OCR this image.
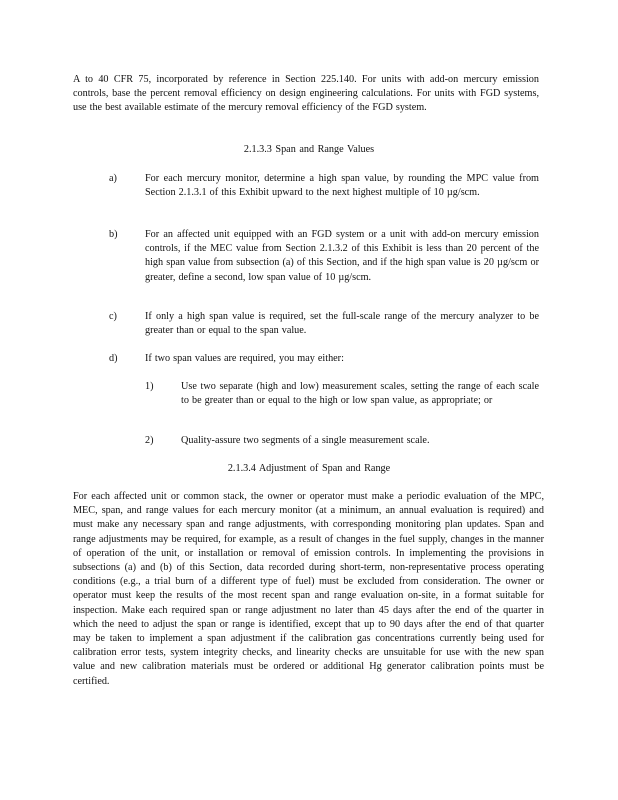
A to 40 CFR 75, incorporated by reference in Section 225.140. For units with add-on mercury emission controls, base the percent removal efficiency on design engineering calculations. For units with FGD systems, use the best available estimate of the mercury removal efficiency of the FGD system.

2.1.3.3 Span and Range Values

a)	For each mercury monitor, determine a high span value, by rounding the MPC value from Section 2.1.3.1 of this Exhibit upward to the next highest multiple of 10 µg/scm.
b)	For an affected unit equipped with an FGD system or a unit with add-on mercury emission controls, if the MEC value from Section 2.1.3.2 of this Exhibit is less than 20 percent of the high span value from subsection (a) of this Section, and if the high span value is 20 µg/scm or greater, define a second, low span value of 10 µg/scm.
c)	If only a high span value is required, set the full-scale range of the mercury analyzer to be greater than or equal to the span value.
d)	If two span values are required, you may either:
1)	Use two separate (high and low) measurement scales, setting the range of each scale to be greater than or equal to the high or low span value, as appropriate; or
2)	Quality-assure two segments of a single measurement scale.

2.1.3.4 Adjustment of Span and Range

For each affected unit or common stack, the owner or operator must make a periodic evaluation of the MPC, MEC, span, and range values for each mercury monitor (at a minimum, an annual evaluation is required) and must make any necessary span and range adjustments, with corresponding monitoring plan updates. Span and range adjustments may be required, for example, as a result of changes in the fuel supply, changes in the manner of operation of the unit, or installation or removal of emission controls. In implementing the provisions in subsections (a) and (b) of this Section, data recorded during short-term, non-representative process operating conditions (e.g., a trial burn of a different type of fuel) must be excluded from consideration. The owner or operator must keep the results of the most recent span and range evaluation on-site, in a format suitable for inspection. Make each required span or range adjustment no later than 45 days after the end of the quarter in which the need to adjust the span or range is identified, except that up to 90 days after the end of that quarter may be taken to implement a span adjustment if the calibration gas concentrations currently being used for calibration error tests, system integrity checks, and linearity checks are unsuitable for use with the new span value and new calibration materials must be ordered or additional Hg generator calibration points must be certified.
